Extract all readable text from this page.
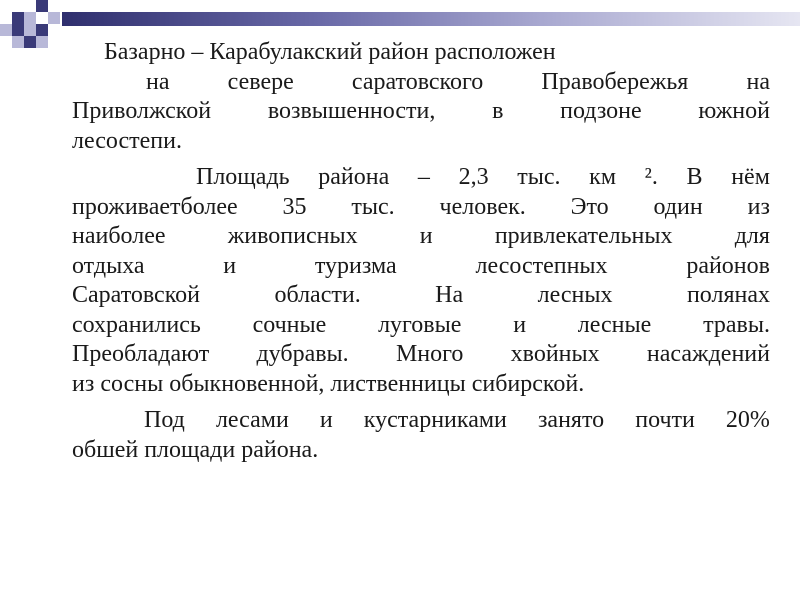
Базарно – Карабулакский район расположен
на севере саратовского Правобережья на
Приволжской возвышенности, в подзоне южной
лесостепи.
Площадь района – 2,3 тыс. км ². В нём
проживаетболее 35 тыс. человек. Это один из
наиболее	живописных	и	привлекательных	для
отдыха	и	туризма	лесостепных	районов
Саратовской	области.	На	лесных	полянах
сохранились сочные луговые и лесные травы.
Преобладают дубравы. Много хвойных насаждений
из сосны обыкновенной, лиственницы сибирской.
Под лесами и кустарниками занято почти 20%
обшей площади района.
